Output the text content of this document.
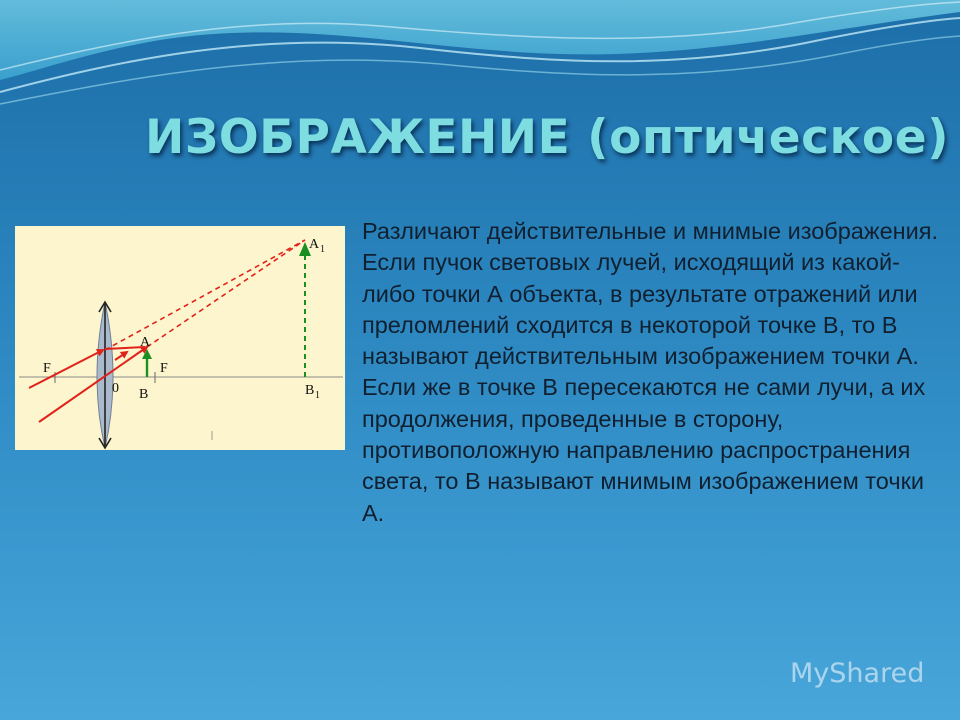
ИЗОБРАЖЕНИЕ (оптическое)
F	F
0
A
B
A 1
B 1

Различают действительные и мнимые изображения. Если пучок световых лучей, исходящий из какой-либо точки А объекта, в результате отражений или преломлений сходится в некоторой точке В, то В называют действительным изображением точки А. Если же в точке В пересекаются не сами лучи, а их продолжения, проведенные в сторону, противоположную направлению распространения света, то В называют мнимым изображением точки А.

MyShared
